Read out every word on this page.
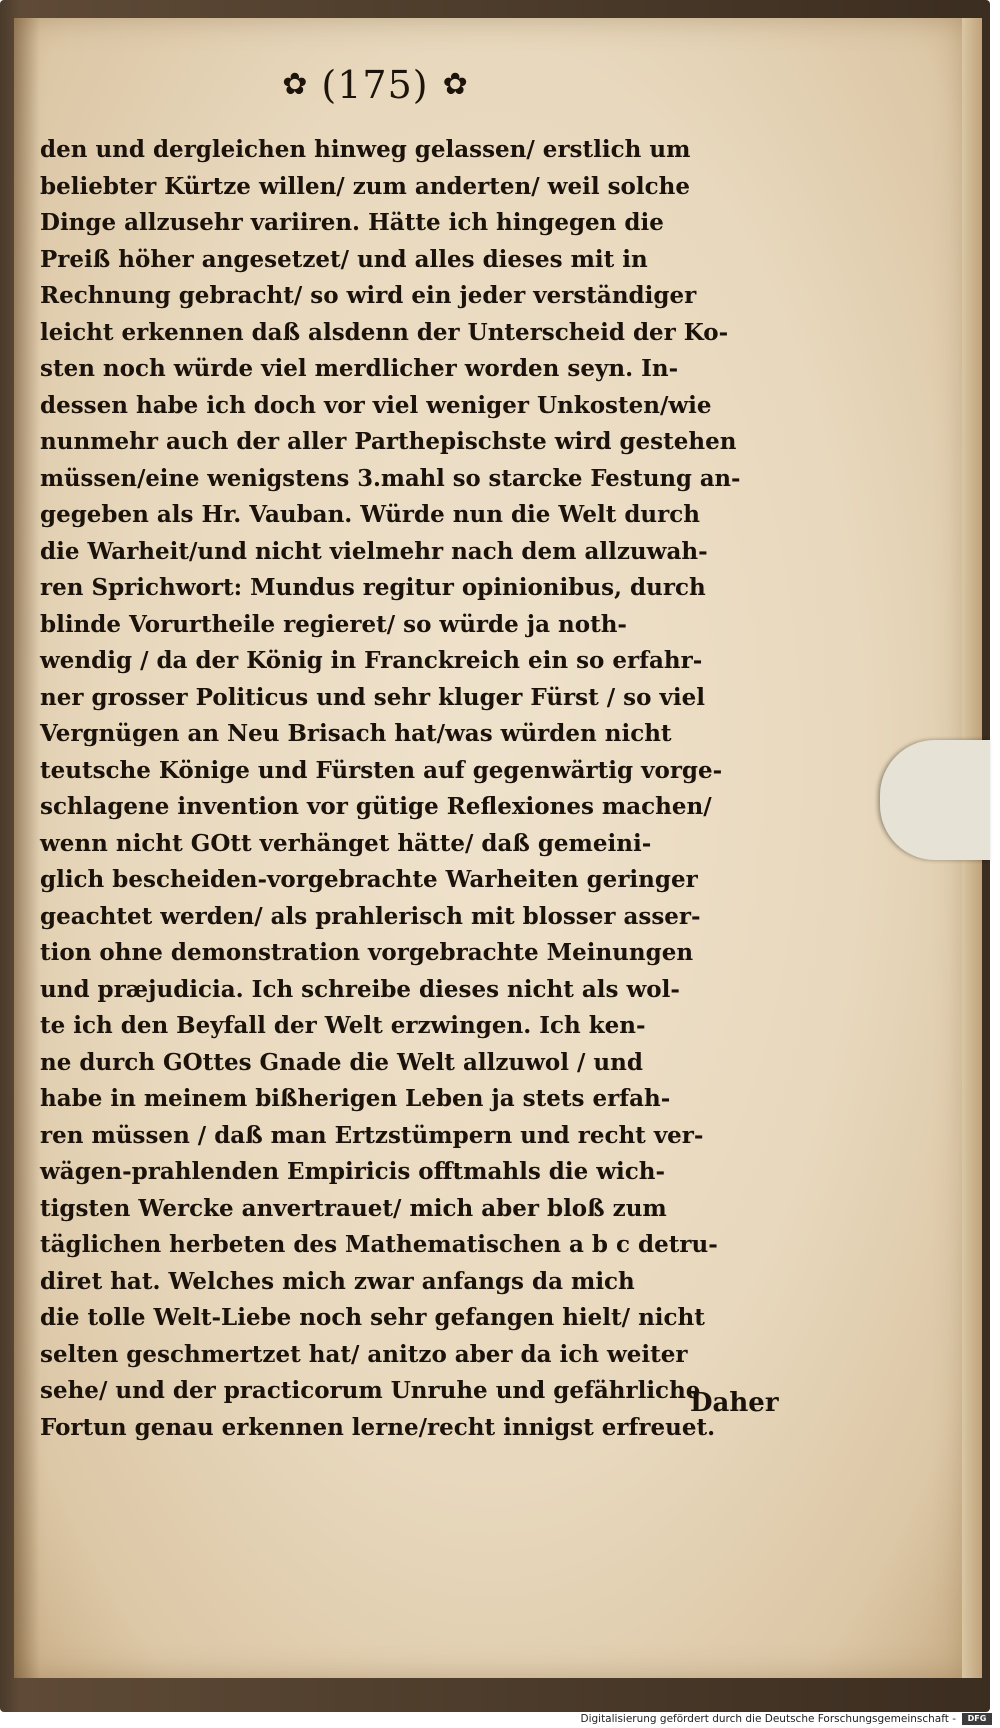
✿ (175) ✿
den und dergleichen hinweg gelassen/ erstlich um
beliebter Kürtze willen/ zum anderten/ weil solche
Dinge allzusehr variiren. Hätte ich hingegen die
Preiß höher angesetzet/ und alles dieses mit in
Rechnung gebracht/ so wird ein jeder verständiger
leicht erkennen daß alsdenn der Unterscheid der Ko-
sten noch würde viel merdlicher worden seyn. In-
dessen habe ich doch vor viel weniger Unkosten/wie
nunmehr auch der aller Parthepischste wird gestehen
müssen/eine wenigstens 3.mahl so starcke Festung an-
gegeben als Hr. Vauban. Würde nun die Welt durch
die Warheit/und nicht vielmehr nach dem allzuwah-
ren Sprichwort: Mundus regitur opinionibus, durch
blinde Vorurtheile regieret/ so würde ja noth-
wendig / da der König in Franckreich ein so erfahr-
ner grosser Politicus und sehr kluger Fürst / so viel
Vergnügen an Neu Brisach hat/was würden nicht
teutsche Könige und Fürsten auf gegenwärtig vorge-
schlagene invention vor gütige Reflexiones machen/
wenn nicht GOtt verhänget hätte/ daß gemeini-
glich bescheiden-vorgebrachte Warheiten geringer
geachtet werden/ als prahlerisch mit blosser asser-
tion ohne demonstration vorgebrachte Meinungen
und præjudicia. Ich schreibe dieses nicht als wol-
te ich den Beyfall der Welt erzwingen. Ich ken-
ne durch GOttes Gnade die Welt allzuwol / und
habe in meinem bißherigen Leben ja stets erfah-
ren müssen / daß man Ertzstümpern und recht ver-
wägen-prahlenden Empiricis offtmahls die wich-
tigsten Wercke anvertrauet/ mich aber bloß zum
täglichen herbeten des Mathematischen a b c detru-
diret hat. Welches mich zwar anfangs da mich
die tolle Welt-Liebe noch sehr gefangen hielt/ nicht
selten geschmertzet hat/ anitzo aber da ich weiter
sehe/ und der practicorum Unruhe und gefährliche
Fortun genau erkennen lerne/recht innigst erfreuet.
Daher
Digitalisierung gefördert durch die Deutsche Forschungsgemeinschaft -	DFG
